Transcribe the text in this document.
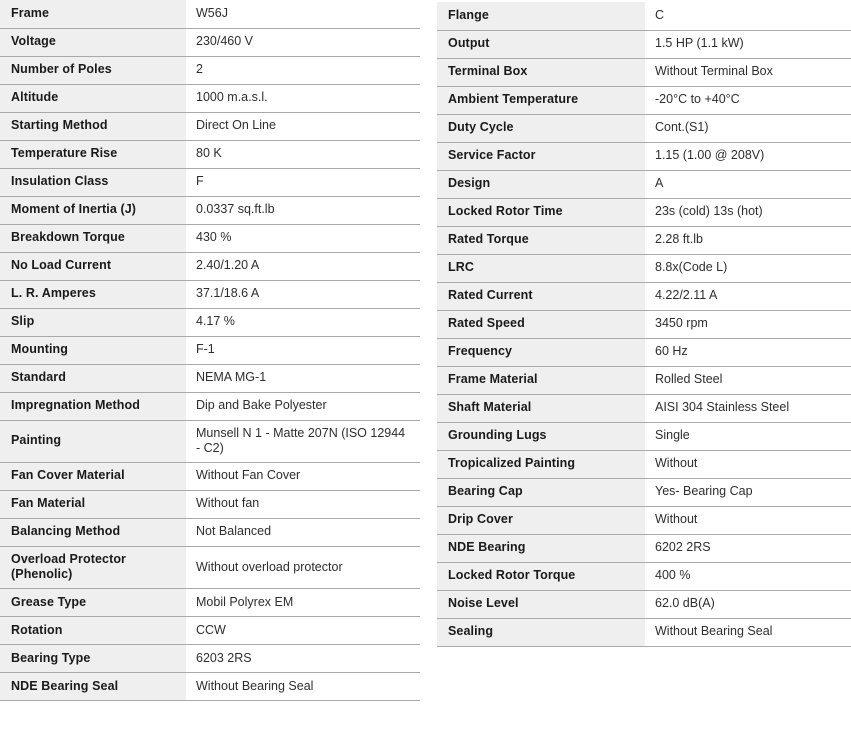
Frame	W56J
Voltage	230/460 V
Number of Poles	2
Altitude	1000 m.a.s.l.
Starting Method	Direct On Line
Temperature Rise	80 K
Insulation Class	F
Moment of Inertia (J)	0.0337 sq.ft.lb
Breakdown Torque	430 %
No Load Current	2.40/1.20 A
L. R. Amperes	37.1/18.6 A
Slip	4.17 %
Mounting	F-1
Standard	NEMA MG-1
Impregnation Method	Dip and Bake Polyester
Painting	Munsell N 1 - Matte 207N (ISO 12944 - C2)
Fan Cover Material	Without Fan Cover
Fan Material	Without fan
Balancing Method	Not Balanced
Overload Protector (Phenolic)	Without overload protector
Grease Type	Mobil Polyrex EM
Rotation	CCW
Bearing Type	6203 2RS
NDE Bearing Seal	Without Bearing Seal
Flange	C
Output	1.5 HP (1.1 kW)
Terminal Box	Without Terminal Box
Ambient Temperature	-20°C to +40°C
Duty Cycle	Cont.(S1)
Service Factor	1.15 (1.00 @ 208V)
Design	A
Locked Rotor Time	23s (cold) 13s (hot)
Rated Torque	2.28 ft.lb
LRC	8.8x(Code L)
Rated Current	4.22/2.11 A
Rated Speed	3450 rpm
Frequency	60 Hz
Frame Material	Rolled Steel
Shaft Material	AISI 304 Stainless Steel
Grounding Lugs	Single
Tropicalized Painting	Without
Bearing Cap	Yes- Bearing Cap
Drip Cover	Without
NDE Bearing	6202 2RS
Locked Rotor Torque	400 %
Noise Level	62.0 dB(A)
Sealing	Without Bearing Seal
